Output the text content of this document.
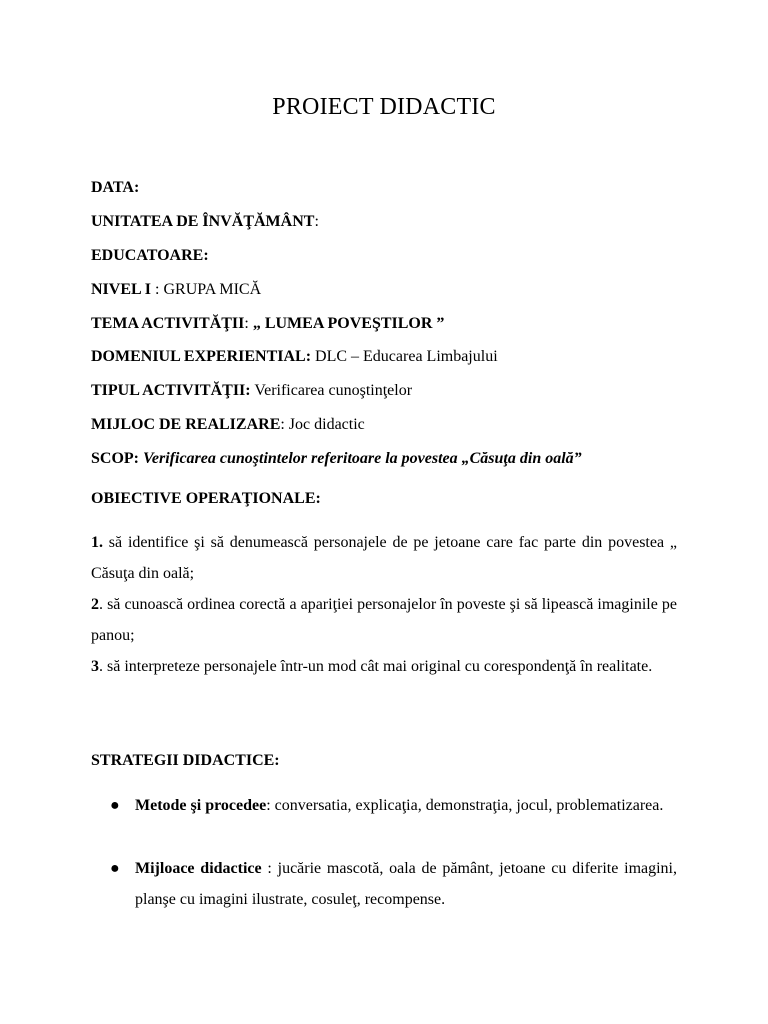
PROIECT DIDACTIC
DATA:
UNITATEA DE ÎNVĂŢĂMÂNT:
EDUCATOARE:
NIVEL I : GRUPA MICĂ
TEMA ACTIVITĂŢII: „ LUMEA POVEŞTILOR ”
DOMENIUL EXPERIENTIAL: DLC – Educarea Limbajului
TIPUL ACTIVITĂŢII: Verificarea cunoştinţelor
MIJLOC DE REALIZARE: Joc didactic
SCOP: Verificarea cunoştintelor referitoare la povestea „Căsuţa din oală”
OBIECTIVE OPERAŢIONALE:
1. să identifice şi să denumească personajele de pe jetoane care fac parte din povestea „ Căsuţa din oală;
2. să cunoască ordinea corectă a apariţiei personajelor în poveste şi să lipească imaginile pe panou;
3. să interpreteze personajele într-un mod cât mai original cu corespondenţă în realitate.
STRATEGII DIDACTICE:
● Metode şi procedee: conversatia, explicaţia, demonstraţia, jocul, problematizarea.
● Mijloace didactice : jucărie mascotă, oala de pământ, jetoane cu diferite imagini, planşe cu imagini ilustrate, cosuleţ, recompense.
